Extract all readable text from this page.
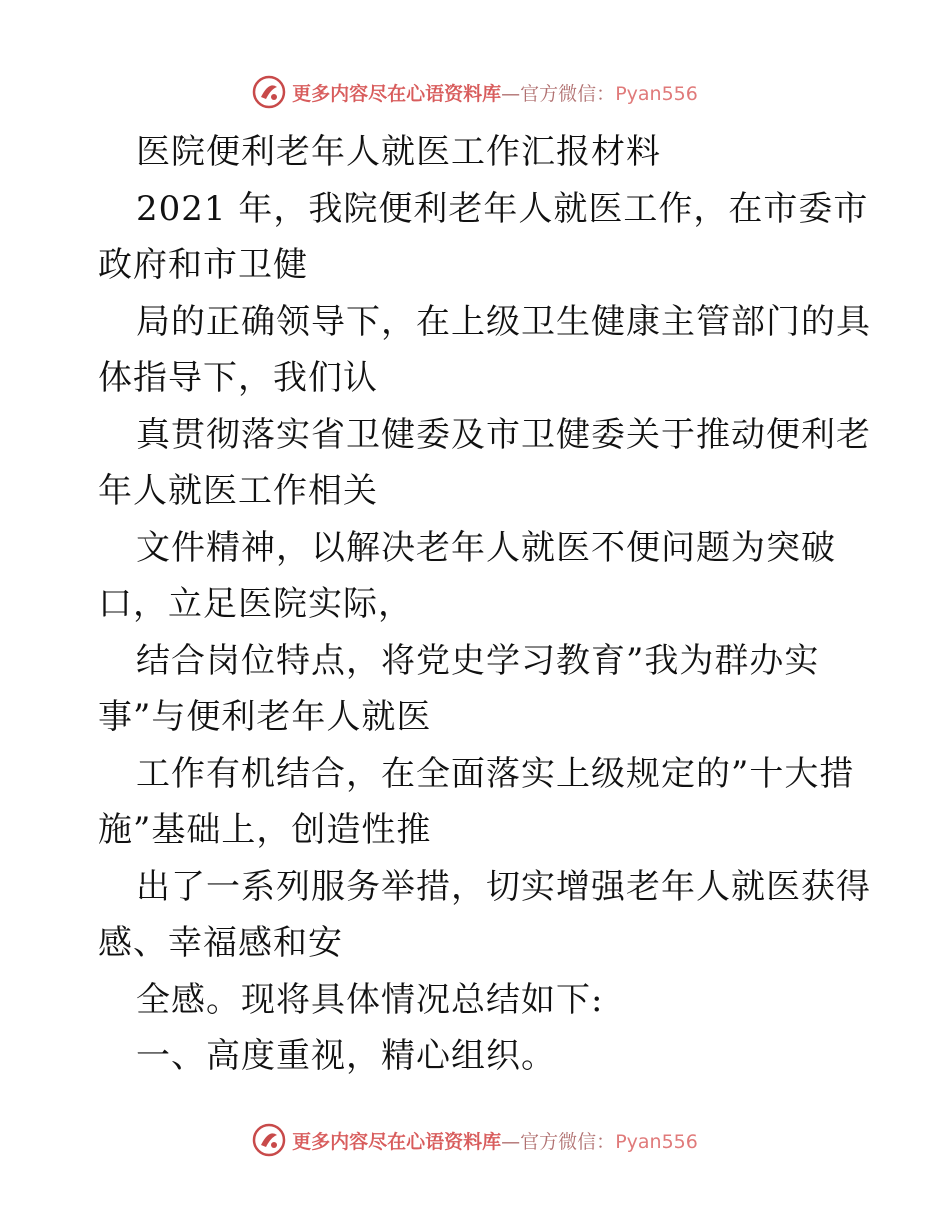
更多内容尽在心语资料库—官方微信：Pyan556
医院便利老年人就医工作汇报材料
2021 年，我院便利老年人就医工作，在市委市
政府和市卫健
局的正确领导下，在上级卫生健康主管部门的具
体指导下，我们认
真贯彻落实省卫健委及市卫健委关于推动便利老
年人就医工作相关
文件精神，以解决老年人就医不便问题为突破
口，立足医院实际，
结合岗位特点，将党史学习教育”我为群办实
事”与便利老年人就医
工作有机结合，在全面落实上级规定的”十大措
施”基础上，创造性推
出了一系列服务举措，切实增强老年人就医获得
感、幸福感和安
全感。现将具体情况总结如下:
一、高度重视，精心组织。
更多内容尽在心语资料库—官方微信：Pyan556
